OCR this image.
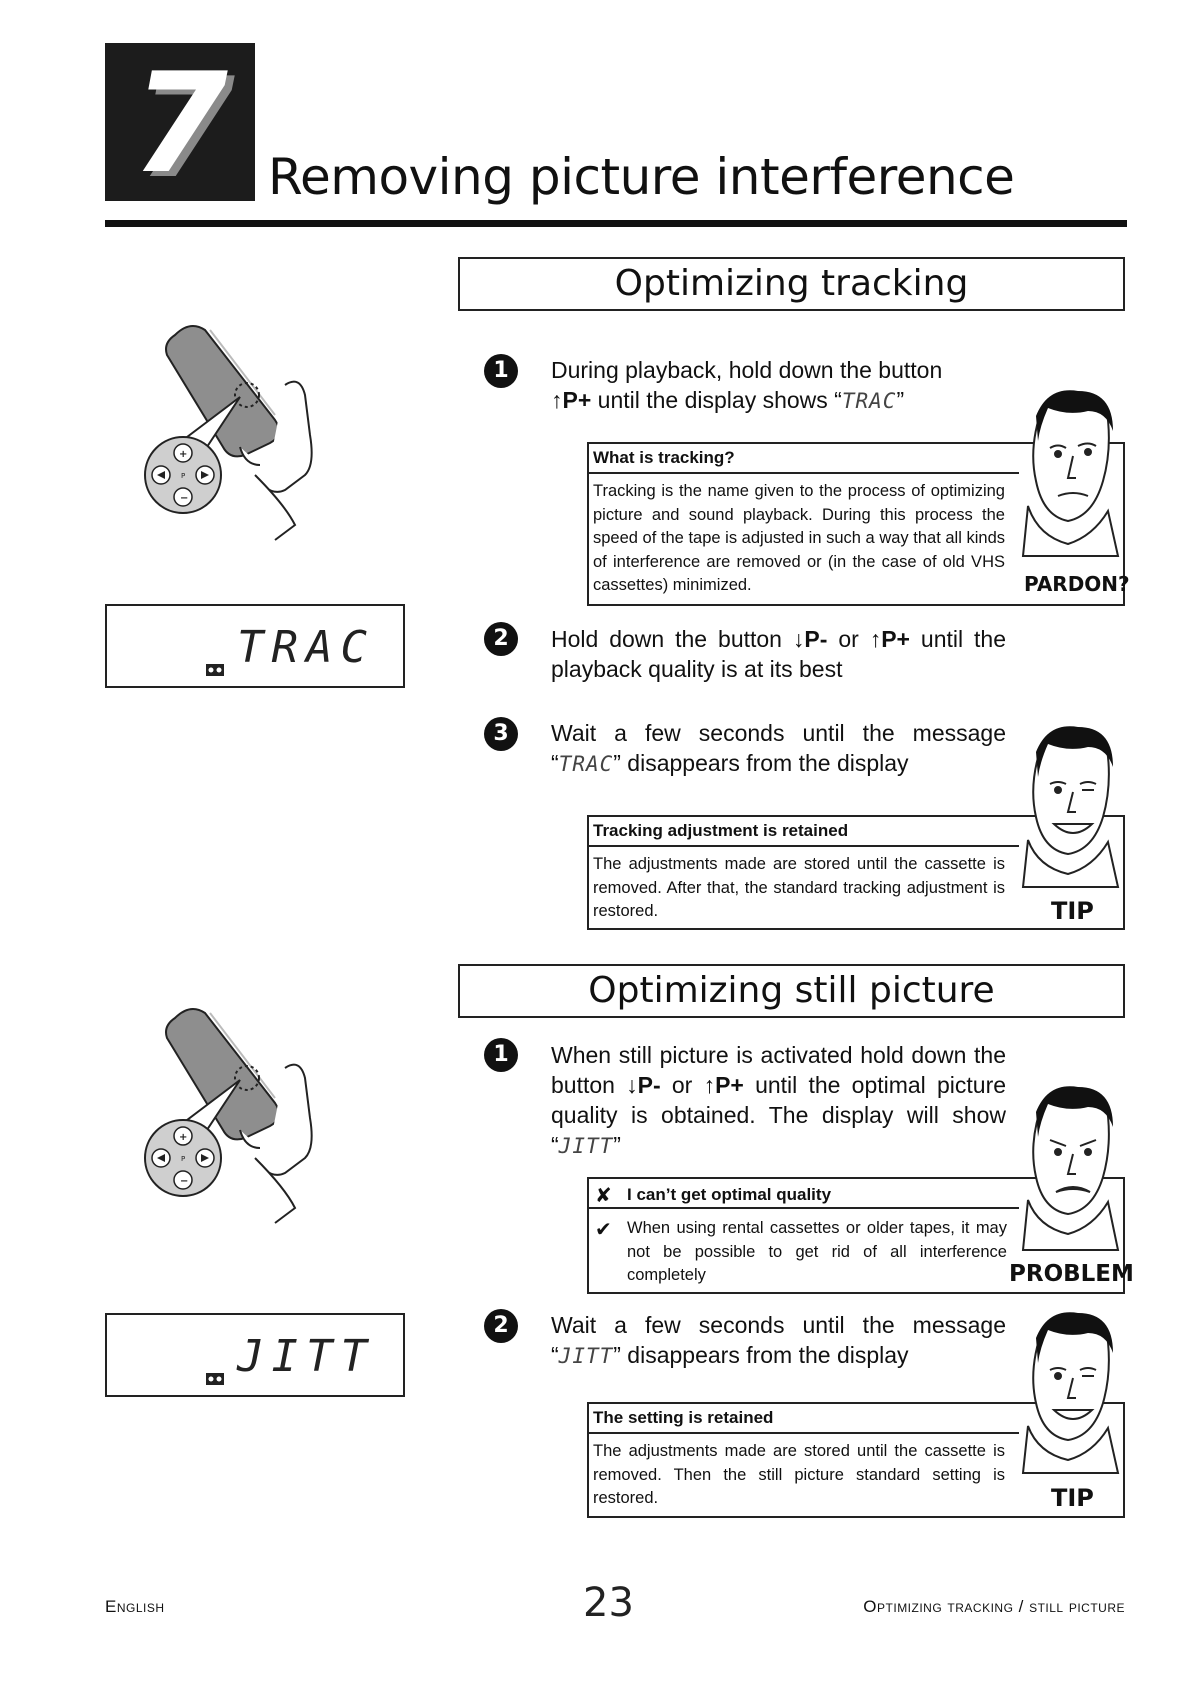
7 Removing picture interference
+
−
P
TRAC
Optimizing tracking
1	During playback, hold down the button
↑P+ until the display shows “TRAC”
What is tracking?
Tracking is the name given to the process of optimizing picture and sound playback. During this process the speed of the tape is adjusted in such a way that all kinds of interference are removed or (in the case of old VHS cassettes) minimized.	PARDON?
2	Hold down the button ↓P- or ↑P+ until the playback quality is at its best
3	Wait a few seconds until the message “TRAC” disappears from the display
Tracking adjustment is retained
The adjustments made are stored until the cassette is removed. After that, the standard tracking adjustment is restored.	TIP
Optimizing still picture
+
−
P
JITT
1	When still picture is activated hold down the button ↓P- or ↑P+ until the optimal picture quality is obtained. The display will show “JITT”
✘ I can’t get optimal quality
✔ When using rental cassettes or older tapes, it may not be possible to get rid of all interference completely	PROBLEM
2	Wait a few seconds until the message “JITT” disappears from the display
The setting is retained
The adjustments made are stored until the cassette is removed. Then the still picture standard setting is restored.	TIP
English	23	Optimizing tracking / still picture
